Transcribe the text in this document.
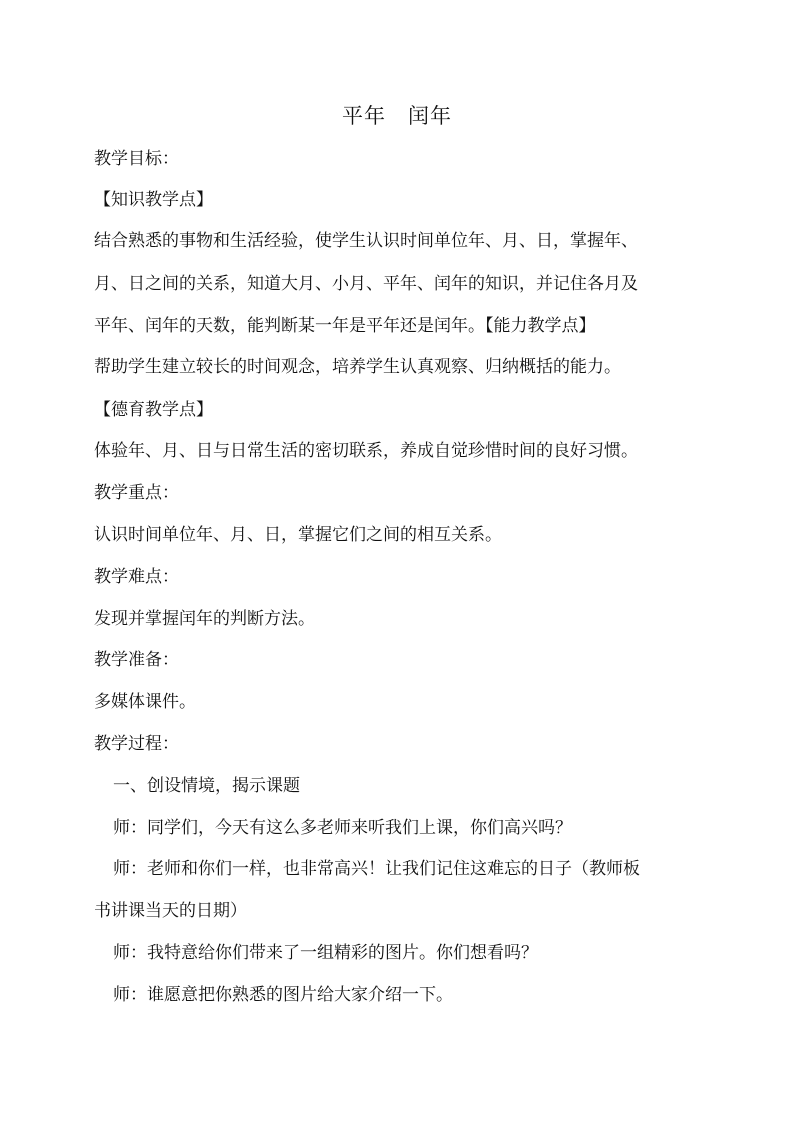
平年　闰年
教学目标：
【知识教学点】
结合熟悉的事物和生活经验，使学生认识时间单位年、月、日，掌握年、
月、日之间的关系，知道大月、小月、平年、闰年的知识，并记住各月及
平年、闰年的天数，能判断某一年是平年还是闰年。【能力教学点】
帮助学生建立较长的时间观念，培养学生认真观察、归纳概括的能力。
【德育教学点】
体验年、月、日与日常生活的密切联系，养成自觉珍惜时间的良好习惯。
教学重点：
认识时间单位年、月、日，掌握它们之间的相互关系。
教学难点：
发现并掌握闰年的判断方法。
教学准备：
多媒体课件。
教学过程：
一、创设情境，揭示课题
师：同学们，今天有这么多老师来听我们上课，你们高兴吗？
师：老师和你们一样，也非常高兴！让我们记住这难忘的日子（教师板
书讲课当天的日期）
师：我特意给你们带来了一组精彩的图片。你们想看吗？
师：谁愿意把你熟悉的图片给大家介绍一下。
